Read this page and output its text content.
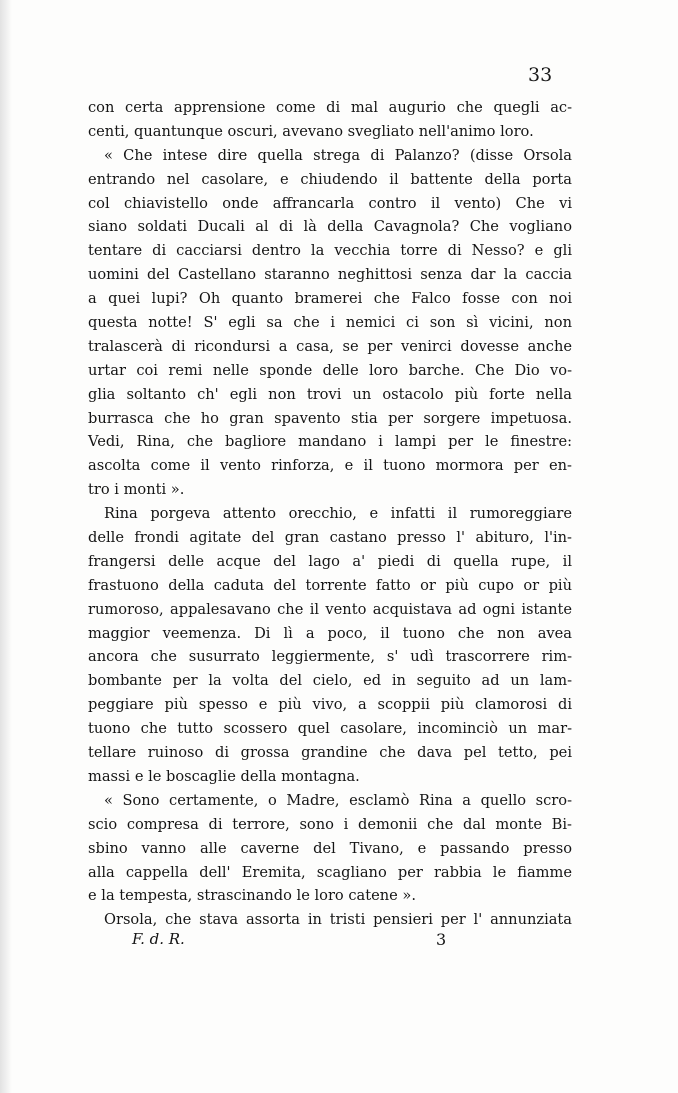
33

con certa apprensione come di mal augurio che quegli ac-
centi, quantunque oscuri, avevano svegliato nell'animo loro.

« Che intese dire quella strega di Palanzo? (disse Orsola
entrando nel casolare, e chiudendo il battente della porta
col chiavistello onde affrancarla contro il vento) Che vi
siano soldati Ducali al di là della Cavagnola? Che vogliano
tentare di cacciarsi dentro la vecchia torre di Nesso? e gli
uomini del Castellano staranno neghittosi senza dar la caccia
a quei lupi? Oh quanto bramerei che Falco fosse con noi
questa notte! S' egli sa che i nemici ci son sì vicini, non
tralascerà di ricondursi a casa, se per venirci dovesse anche
urtar coi remi nelle sponde delle loro barche. Che Dio vo-
glia soltanto ch' egli non trovi un ostacolo più forte nella
burrasca che ho gran spavento stia per sorgere impetuosa.
Vedi, Rina, che bagliore mandano i lampi per le finestre:
ascolta come il vento rinforza, e il tuono mormora per en-
tro i monti ».

Rina porgeva attento orecchio, e infatti il rumoreggiare
delle frondi agitate del gran castano presso l' abituro, l'in-
frangersi delle acque del lago a' piedi di quella rupe, il
frastuono della caduta del torrente fatto or più cupo or più
rumoroso, appalesavano che il vento acquistava ad ogni istante
maggior veemenza. Di lì a poco, il tuono che non avea
ancora che susurrato leggiermente, s' udì trascorrere rim-
bombante per la volta del cielo, ed in seguito ad un lam-
peggiare più spesso e più vivo, a scoppii più clamorosi di
tuono che tutto scossero quel casolare, incominciò un mar-
tellare ruinoso di grossa grandine che dava pel tetto, pei
massi e le boscaglie della montagna.

« Sono certamente, o Madre, esclamò Rina a quello scro-
scio compresa di terrore, sono i demonii che dal monte Bi-
sbino vanno alle caverne del Tivano, e passando presso
alla cappella dell' Eremita, scagliano per rabbia le fiamme
e la tempesta, strascinando le loro catene ».

Orsola, che stava assorta in tristi pensieri per l' annunziata

F. d. R.	3
